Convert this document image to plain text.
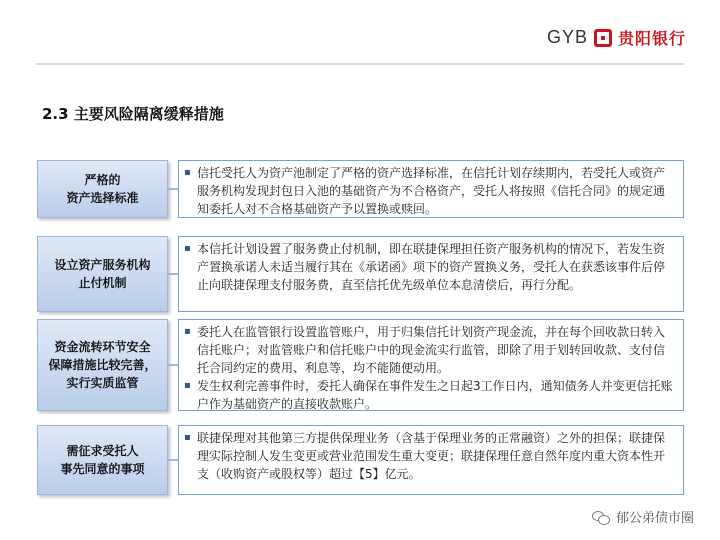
GYB 贵阳银行
2.3 主要风险隔离缓释措施
严格的
资产选择标准
▪ 信托受托人为资产池制定了严格的资产选择标准，在信托计划存续期内，若受托人或资产服务机构发现封包日入池的基础资产为不合格资产，受托人将按照《信托合同》的规定通知委托人对不合格基础资产予以置换或赎回。
设立资产服务机构
止付机制
▪ 本信托计划设置了服务费止付机制，即在联捷保理担任资产服务机构的情况下，若发生资产置换承诺人未适当履行其在《承诺函》项下的资产置换义务，受托人在获悉该事件后停止向联捷保理支付服务费，直至信托优先级单位本息清偿后，再行分配。
资金流转环节安全
保障措施比较完善，
实行实质监管
▪ 委托人在监管银行设置监管账户，用于归集信托计划资产现金流，并在每个回收款日转入信托账户；对监管账户和信托账户中的现金流实行监管，即除了用于划转回收款、支付信托合同约定的费用、利息等，均不能随便动用。
▪ 发生权利完善事件时，委托人确保在事件发生之日起3工作日内，通知债务人并变更信托账户作为基础资产的直接收款账户。
需征求受托人
事先同意的事项
▪ 联捷保理对其他第三方提供保理业务（含基于保理业务的正常融资）之外的担保；联捷保理实际控制人发生变更或营业范围发生重大变更；联捷保理任意自然年度内重大资本性开支（收购资产或股权等）超过【5】亿元。
郁公弟债市圈
